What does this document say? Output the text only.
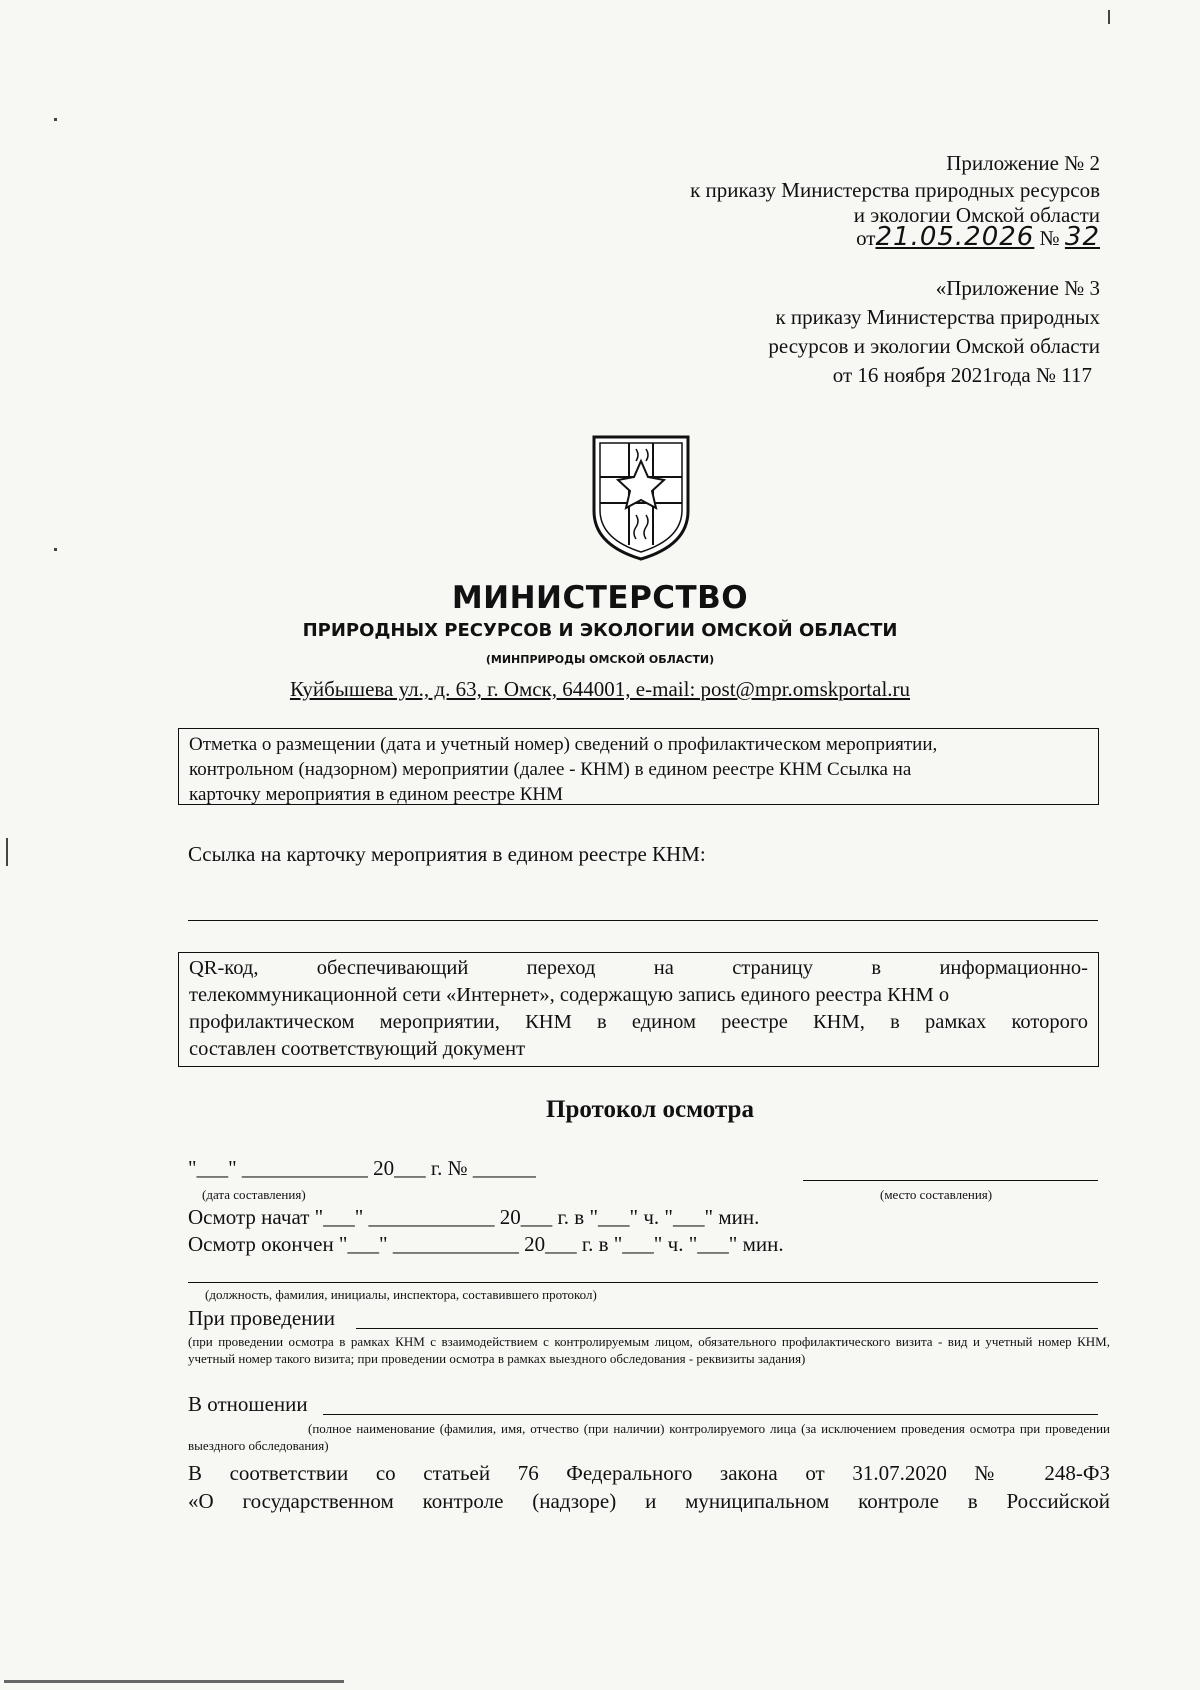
Приложение № 2
к приказу Министерства природных ресурсов
и экологии Омской области
от21.05.2026 № 32
«Приложение № 3
к приказу Министерства природных
ресурсов и экологии Омской области
от 16 ноября 2021года № 117
МИНИСТЕРСТВО
ПРИРОДНЫХ РЕСУРСОВ И ЭКОЛОГИИ ОМСКОЙ ОБЛАСТИ
(МИНПРИРОДЫ ОМСКОЙ ОБЛАСТИ)
Куйбышева ул., д. 63, г. Омск, 644001, e-mail: post@mpr.omskportal.ru
Отметка о размещении (дата и учетный номер) сведений о профилактическом мероприятии,
контрольном (надзорном) мероприятии (далее - КНМ) в едином реестре КНМ Ссылка на
карточку мероприятия в едином реестре КНМ
Ссылка на карточку мероприятия в едином реестре КНМ:
QR-код, обеспечивающий переход на страницу в информационно-
телекоммуникационной сети «Интернет», содержащую запись единого реестра КНМ о
профилактическом мероприятии, КНМ в едином реестре КНМ, в рамках которого
составлен соответствующий документ
Протокол осмотра
"___" ____________ 20___ г. № ______
(дата составления)	(место составления)
Осмотр начат "___" ____________ 20___ г. в "___" ч. "___" мин.
Осмотр окончен "___" ____________ 20___ г. в "___" ч. "___" мин.
(должность, фамилия, инициалы, инспектора, составившего протокол)
При проведении
(при проведении осмотра в рамках КНМ с взаимодействием с контролируемым лицом, обязательного профилактического визита - вид и учетный номер КНМ, учетный номер такого визита; при проведении осмотра в рамках выездного обследования - реквизиты задания)
В отношении
(полное наименование (фамилия, имя, отчество (при наличии) контролируемого лица (за исключением проведения осмотра при проведении выездного обследования)
В соответствии со статьей 76 Федерального закона от 31.07.2020 № 248-ФЗ
«О государственном контроле (надзоре) и муниципальном контроле в Российской
